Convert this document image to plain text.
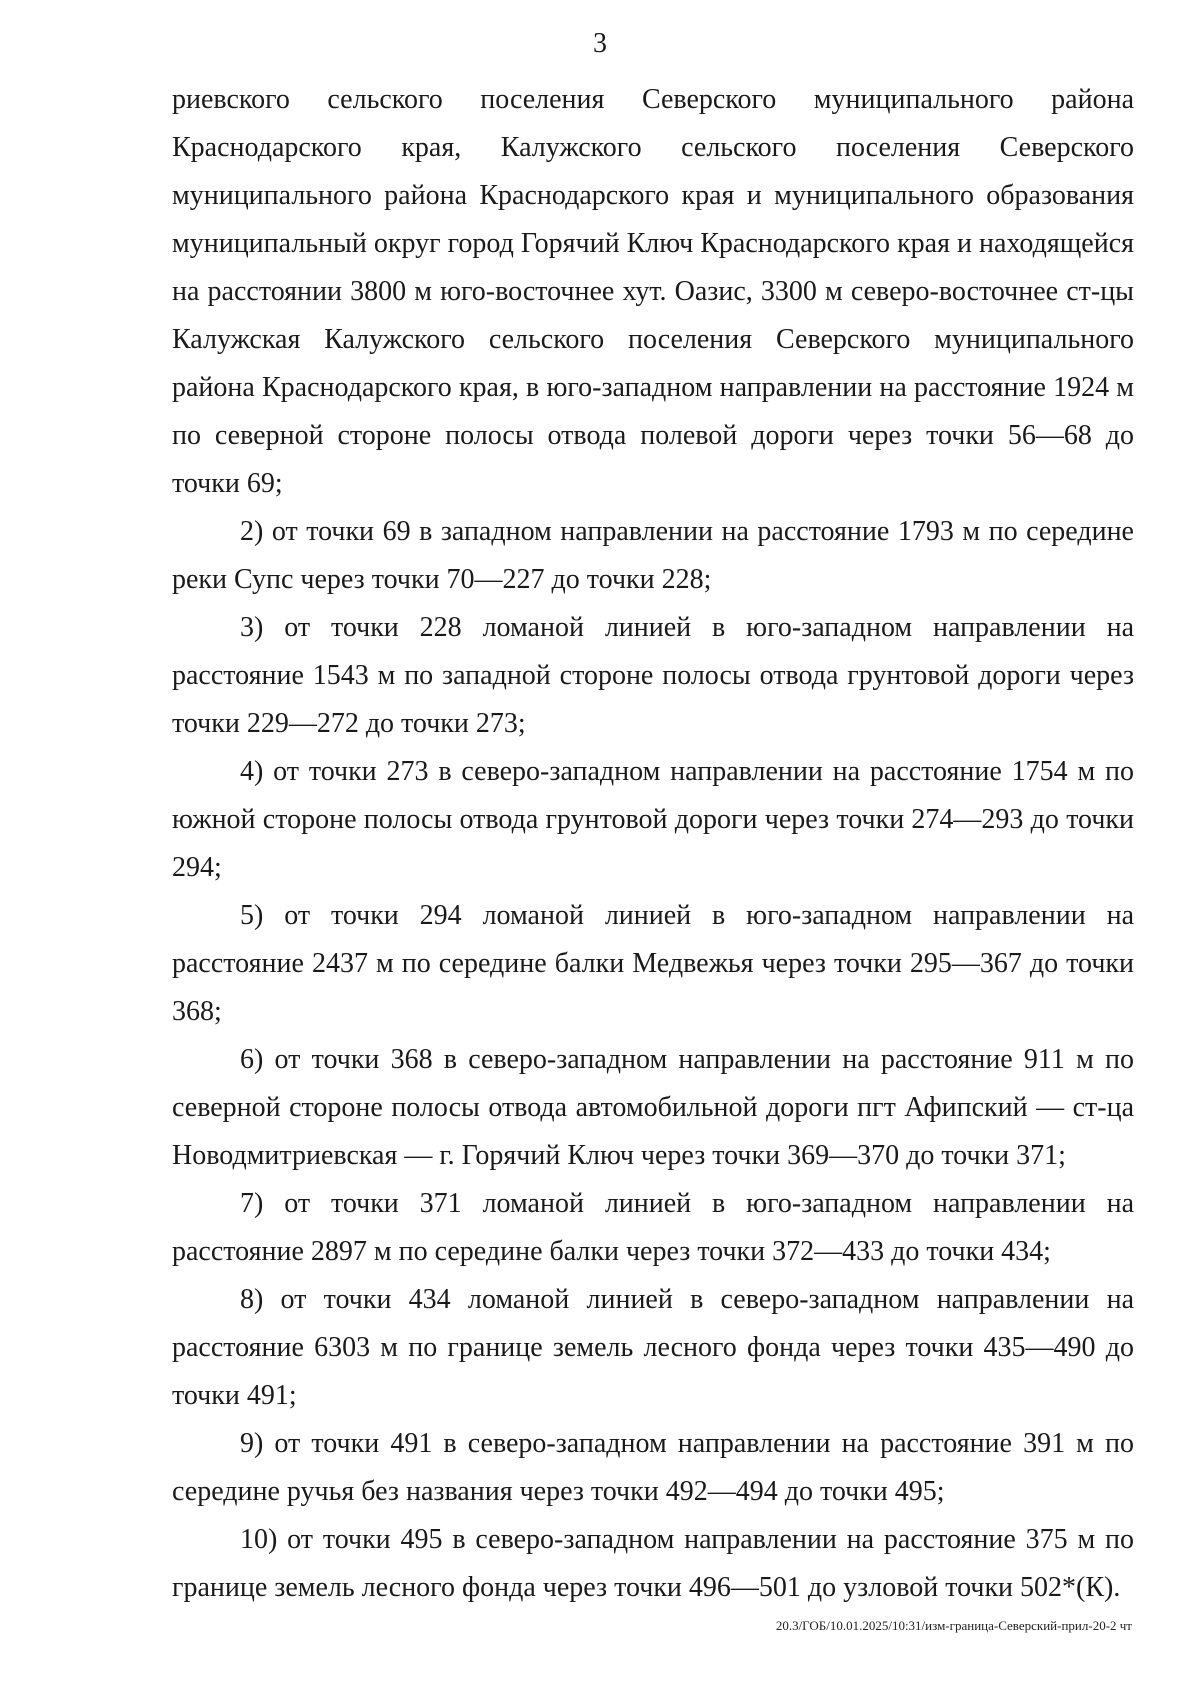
3

риевского сельского поселения Северского муниципального района Краснодарского края, Калужского сельского поселения Северского муниципального района Краснодарского края и муниципального образования муниципальный округ город Горячий Ключ Краснодарского края и находящейся на расстоянии 3800 м юго-восточнее хут. Оазис, 3300 м северо-восточнее ст-цы Калужская Калужского сельского поселения Северского муниципального района Краснодарского края, в юго-западном направлении на расстояние 1924 м по северной стороне полосы отвода полевой дороги через точки 56—68 до точки 69;

2) от точки 69 в западном направлении на расстояние 1793 м по середине реки Супс через точки 70—227 до точки 228;

3) от точки 228 ломаной линией в юго-западном направлении на расстояние 1543 м по западной стороне полосы отвода грунтовой дороги через точки 229—272 до точки 273;

4) от точки 273 в северо-западном направлении на расстояние 1754 м по южной стороне полосы отвода грунтовой дороги через точки 274—293 до точки 294;

5) от точки 294 ломаной линией в юго-западном направлении на расстояние 2437 м по середине балки Медвежья через точки 295—367 до точки 368;

6) от точки 368 в северо-западном направлении на расстояние 911 м по северной стороне полосы отвода автомобильной дороги пгт Афипский — ст-ца Новодмитриевская — г. Горячий Ключ через точки 369—370 до точки 371;

7) от точки 371 ломаной линией в юго-западном направлении на расстояние 2897 м по середине балки через точки 372—433 до точки 434;

8) от точки 434 ломаной линией в северо-западном направлении на расстояние 6303 м по границе земель лесного фонда через точки 435—490 до точки 491;

9) от точки 491 в северо-западном направлении на расстояние 391 м по середине ручья без названия через точки 492—494 до точки 495;

10) от точки 495 в северо-западном направлении на расстояние 375 м по границе земель лесного фонда через точки 496—501 до узловой точки 502*(К).

20.3/ГОБ/10.01.2025/10:31/изм-граница-Северский-прил-20-2 чт
